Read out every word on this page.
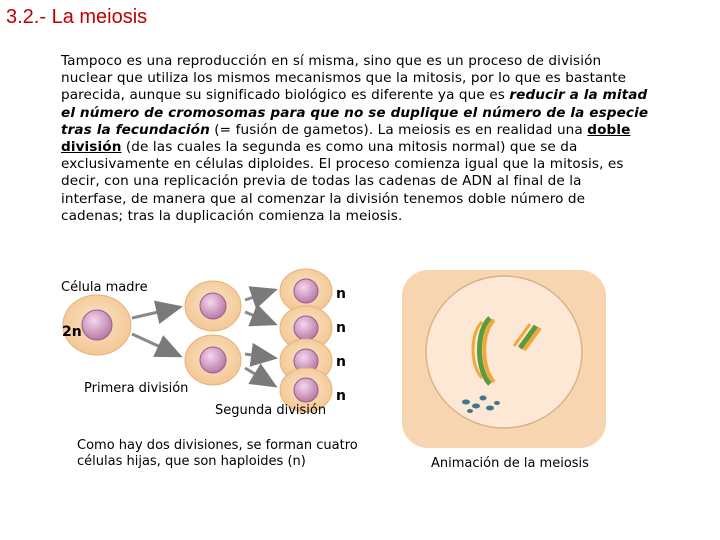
3.2.- La meiosis
Tampoco es una reproducción en sí misma, sino que es un proceso de división nuclear que utiliza los mismos mecanismos que la mitosis, por lo que es bastante parecida, aunque su significado biológico es diferente ya que es reducir a la mitad el número de cromosomas para que no se duplique el número de la especie tras la fecundación (= fusión de gametos). La meiosis es en realidad una doble división (de las cuales la segunda es como una mitosis normal) que se da exclusivamente en células diploides. El proceso comienza igual que la mitosis, es decir, con una replicación previa de todas las cadenas de ADN al final de la interfase, de manera que al comenzar la división tenemos doble número de cadenas; tras la duplicación comienza la meiosis.
Célula madre
2n
n
n
n
n
Primera división
Segunda división
Como hay dos divisiones, se forman cuatro células hijas, que son haploides (n)	Animación de la meiosis
